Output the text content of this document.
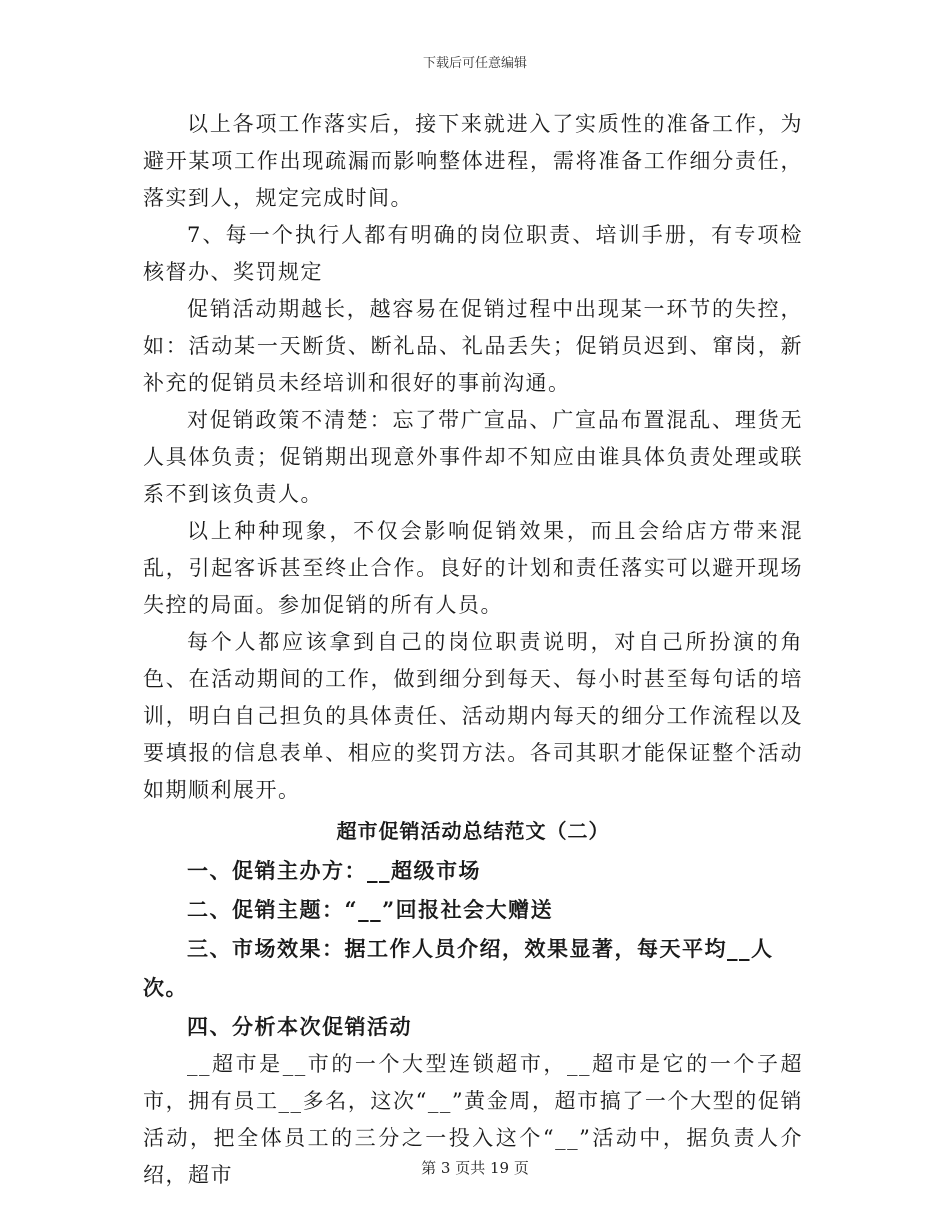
下载后可任意编辑

以上各项工作落实后，接下来就进入了实质性的准备工作，为避开某项工作出现疏漏而影响整体进程，需将准备工作细分责任，落实到人，规定完成时间。

7、每一个执行人都有明确的岗位职责、培训手册，有专项检核督办、奖罚规定

促销活动期越长，越容易在促销过程中出现某一环节的失控，如：活动某一天断货、断礼品、礼品丢失；促销员迟到、窜岗，新补充的促销员未经培训和很好的事前沟通。

对促销政策不清楚：忘了带广宣品、广宣品布置混乱、理货无人具体负责；促销期出现意外事件却不知应由谁具体负责处理或联系不到该负责人。

以上种种现象，不仅会影响促销效果，而且会给店方带来混乱，引起客诉甚至终止合作。良好的计划和责任落实可以避开现场失控的局面。参加促销的所有人员。

每个人都应该拿到自己的岗位职责说明，对自己所扮演的角色、在活动期间的工作，做到细分到每天、每小时甚至每句话的培训，明白自己担负的具体责任、活动期内每天的细分工作流程以及要填报的信息表单、相应的奖罚方法。各司其职才能保证整个活动如期顺利展开。

超市促销活动总结范文（二）

一、促销主办方：__超级市场

二、促销主题：“__”回报社会大赠送

三、市场效果：据工作人员介绍，效果显著，每天平均__人次。

四、分析本次促销活动

__超市是__市的一个大型连锁超市，__超市是它的一个子超市，拥有员工__多名，这次“__”黄金周，超市搞了一个大型的促销活动，把全体员工的三分之一投入这个“__”活动中，据负责人介绍，超市	第 3 页共 19 页
